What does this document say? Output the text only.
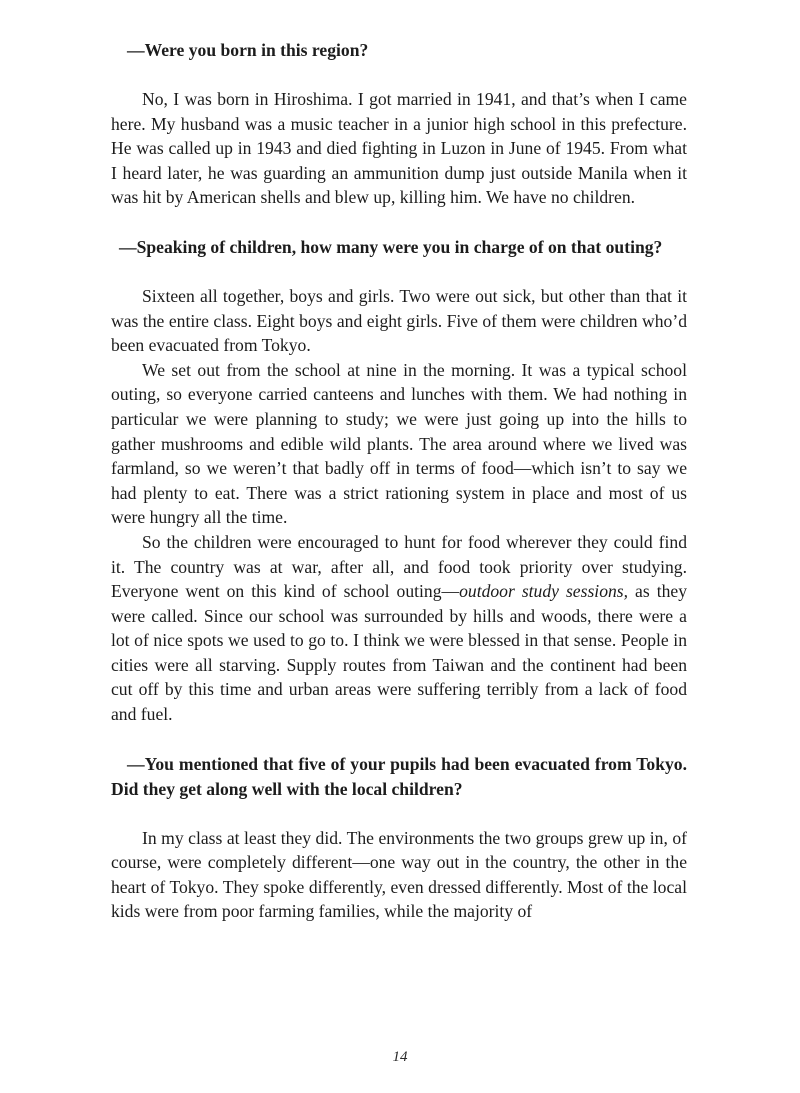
—Were you born in this region?

No, I was born in Hiroshima. I got married in 1941, and that’s when I came here. My husband was a music teacher in a junior high school in this prefecture. He was called up in 1943 and died fighting in Luzon in June of 1945. From what I heard later, he was guarding an ammunition dump just outside Manila when it was hit by American shells and blew up, killing him. We have no children.

—Speaking of children, how many were you in charge of on that outing?

Sixteen all together, boys and girls. Two were out sick, but other than that it was the entire class. Eight boys and eight girls. Five of them were children who’d been evacuated from Tokyo.

We set out from the school at nine in the morning. It was a typical school outing, so everyone carried canteens and lunches with them. We had nothing in particular we were planning to study; we were just going up into the hills to gather mushrooms and edible wild plants. The area around where we lived was farmland, so we weren’t that badly off in terms of food—which isn’t to say we had plenty to eat. There was a strict rationing system in place and most of us were hungry all the time.

So the children were encouraged to hunt for food wherever they could find it. The country was at war, after all, and food took priority over studying. Everyone went on this kind of school outing—outdoor study sessions, as they were called. Since our school was surrounded by hills and woods, there were a lot of nice spots we used to go to. I think we were blessed in that sense. People in cities were all starving. Supply routes from Taiwan and the continent had been cut off by this time and urban areas were suffering terribly from a lack of food and fuel.

—You mentioned that five of your pupils had been evacuated from Tokyo. Did they get along well with the local children?

In my class at least they did. The environments the two groups grew up in, of course, were completely different—one way out in the country, the other in the heart of Tokyo. They spoke differently, even dressed differently. Most of the local kids were from poor farming families, while the majority of

14
